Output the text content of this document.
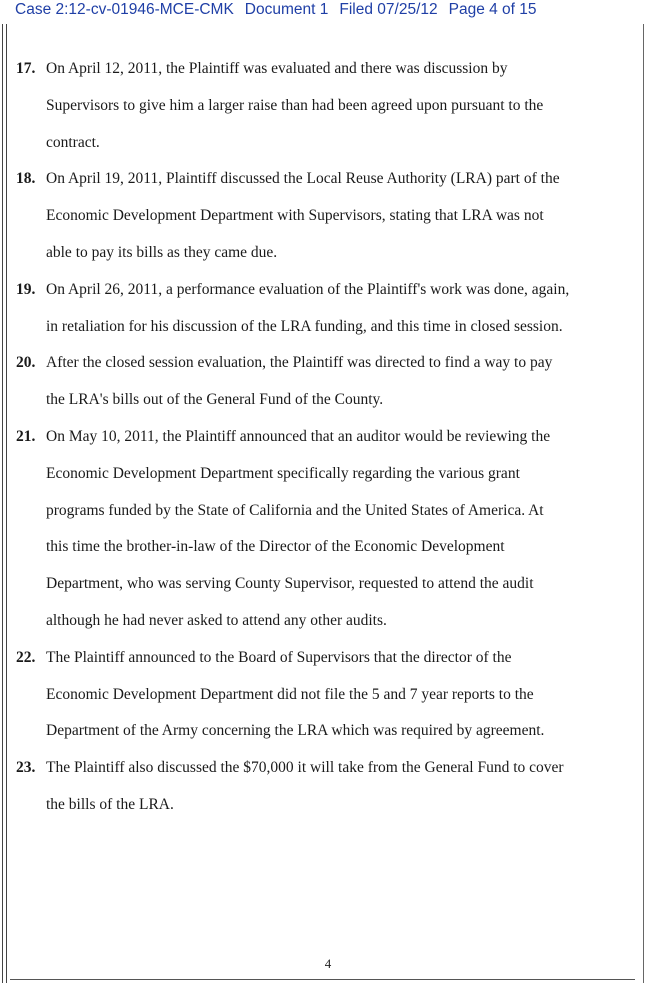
Case 2:12-cv-01946-MCE-CMK Document 1 Filed 07/25/12 Page 4 of 15
17. On April 12, 2011, the Plaintiff was evaluated and there was discussion by
Supervisors to give him a larger raise than had been agreed upon pursuant to the
contract.
18. On April 19, 2011, Plaintiff discussed the Local Reuse Authority (LRA) part of the
Economic Development Department with Supervisors, stating that LRA was not
able to pay its bills as they came due.
19. On April 26, 2011, a performance evaluation of the Plaintiff's work was done, again,
in retaliation for his discussion of the LRA funding, and this time in closed session.
20. After the closed session evaluation, the Plaintiff was directed to find a way to pay
the LRA's bills out of the General Fund of the County.
21. On May 10, 2011, the Plaintiff announced that an auditor would be reviewing the
Economic Development Department specifically regarding the various grant
programs funded by the State of California and the United States of America. At
this time the brother-in-law of the Director of the Economic Development
Department, who was serving County Supervisor, requested to attend the audit
although he had never asked to attend any other audits.
22. The Plaintiff announced to the Board of Supervisors that the director of the
Economic Development Department did not file the 5 and 7 year reports to the
Department of the Army concerning the LRA which was required by agreement.
23. The Plaintiff also discussed the $70,000 it will take from the General Fund to cover
the bills of the LRA.
4
